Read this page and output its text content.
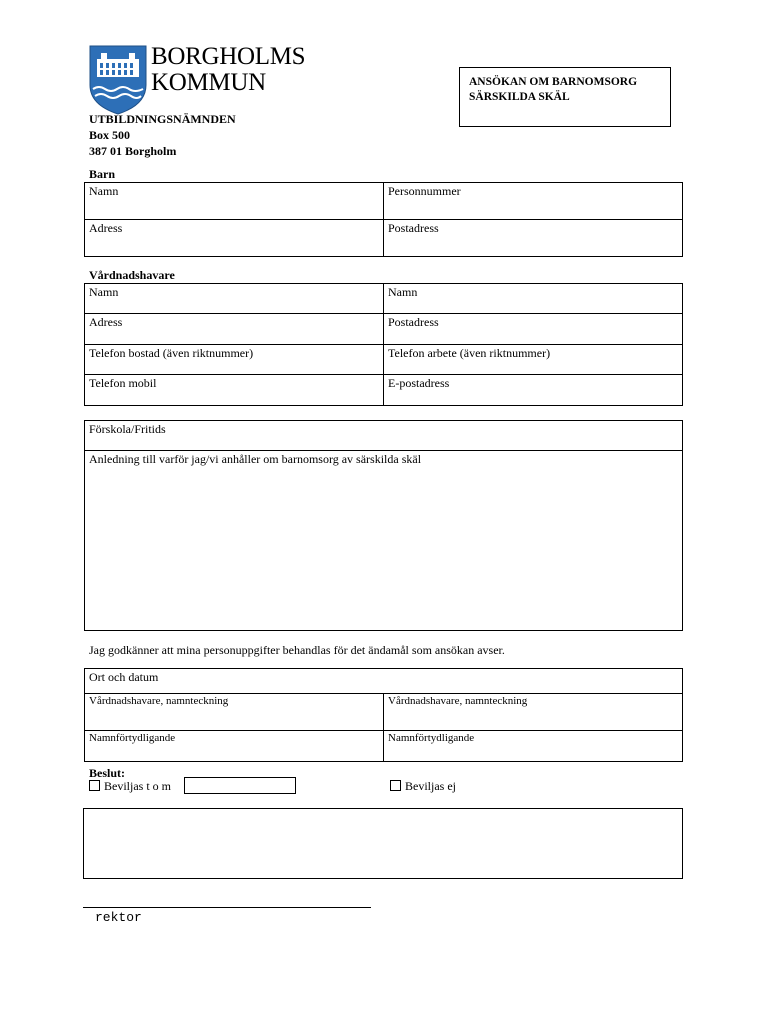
BORGHOLMS
KOMMUN	ANSÖKAN OM BARNOMSORG
SÄRSKILDA SKÄL
UTBILDNINGSNÄMNDEN
Box 500
387 01 Borgholm
Barn
Namn	Personnummer
Adress	Postadress
Vårdnadshavare
Namn	Namn
Adress	Postadress
Telefon bostad (även riktnummer)	Telefon arbete (även riktnummer)
Telefon mobil	E-postadress
Förskola/Fritids
Anledning till varför jag/vi anhåller om barnomsorg av särskilda skäl
Jag godkänner att mina personuppgifter behandlas för det ändamål som ansökan avser.
Ort och datum	
Vårdnadshavare, namnteckning	Vårdnadshavare, namnteckning
Namnförtydligande	Namnförtydligande
Beslut:
Beviljas t o m	Beviljas ej
rektor
